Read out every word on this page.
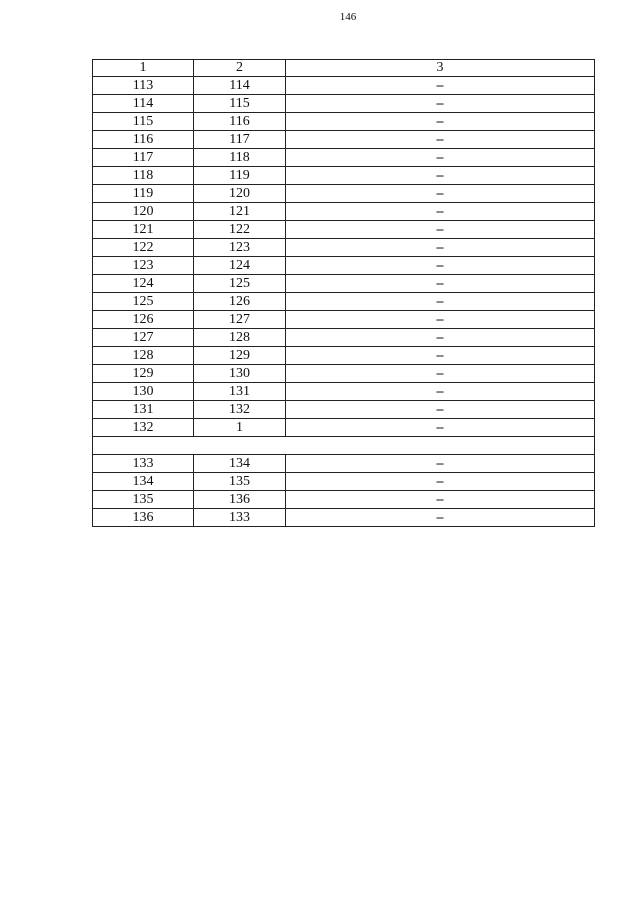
146
1	2	3
113	114	–
114	115	–
115	116	–
116	117	–
117	118	–
118	119	–
119	120	–
120	121	–
121	122	–
122	123	–
123	124	–
124	125	–
125	126	–
126	127	–
127	128	–
128	129	–
129	130	–
130	131	–
131	132	–
132	1	–

133	134	–
134	135	–
135	136	–
136	133	–
